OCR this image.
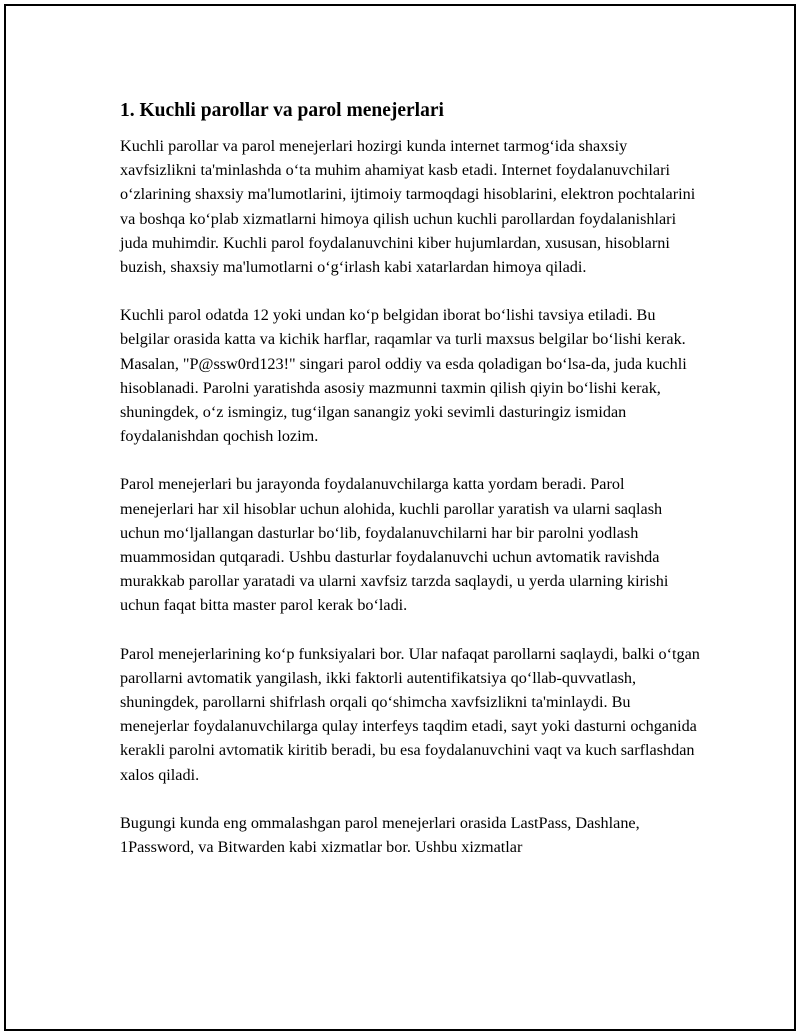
1. Kuchli parollar va parol menejerlari

Kuchli parollar va parol menejerlari hozirgi kunda internet tarmog‘ida shaxsiy xavfsizlikni ta'minlashda o‘ta muhim ahamiyat kasb etadi. Internet foydalanuvchilari o‘zlarining shaxsiy ma'lumotlarini, ijtimoiy tarmoqdagi hisoblarini, elektron pochtalarini va boshqa ko‘plab xizmatlarni himoya qilish uchun kuchli parollardan foydalanishlari juda muhimdir. Kuchli parol foydalanuvchini kiber hujumlardan, xususan, hisoblarni buzish, shaxsiy ma'lumotlarni o‘g‘irlash kabi xatarlardan himoya qiladi.

Kuchli parol odatda 12 yoki undan ko‘p belgidan iborat bo‘lishi tavsiya etiladi. Bu belgilar orasida katta va kichik harflar, raqamlar va turli maxsus belgilar bo‘lishi kerak. Masalan, "P@ssw0rd123!" singari parol oddiy va esda qoladigan bo‘lsa-da, juda kuchli hisoblanadi. Parolni yaratishda asosiy mazmunni taxmin qilish qiyin bo‘lishi kerak, shuningdek, o‘z ismingiz, tug‘ilgan sanangiz yoki sevimli dasturingiz ismidan foydalanishdan qochish lozim.

Parol menejerlari bu jarayonda foydalanuvchilarga katta yordam beradi. Parol menejerlari har xil hisoblar uchun alohida, kuchli parollar yaratish va ularni saqlash uchun mo‘ljallangan dasturlar bo‘lib, foydalanuvchilarni har bir parolni yodlash muammosidan qutqaradi. Ushbu dasturlar foydalanuvchi uchun avtomatik ravishda murakkab parollar yaratadi va ularni xavfsiz tarzda saqlaydi, u yerda ularning kirishi uchun faqat bitta master parol kerak bo‘ladi.

Parol menejerlarining ko‘p funksiyalari bor. Ular nafaqat parollarni saqlaydi, balki o‘tgan parollarni avtomatik yangilash, ikki faktorli autentifikatsiya qo‘llab-quvvatlash, shuningdek, parollarni shifrlash orqali qo‘shimcha xavfsizlikni ta'minlaydi. Bu menejerlar foydalanuvchilarga qulay interfeys taqdim etadi, sayt yoki dasturni ochganida kerakli parolni avtomatik kiritib beradi, bu esa foydalanuvchini vaqt va kuch sarflashdan xalos qiladi.

Bugungi kunda eng ommalashgan parol menejerlari orasida LastPass, Dashlane, 1Password, va Bitwarden kabi xizmatlar bor. Ushbu xizmatlar
